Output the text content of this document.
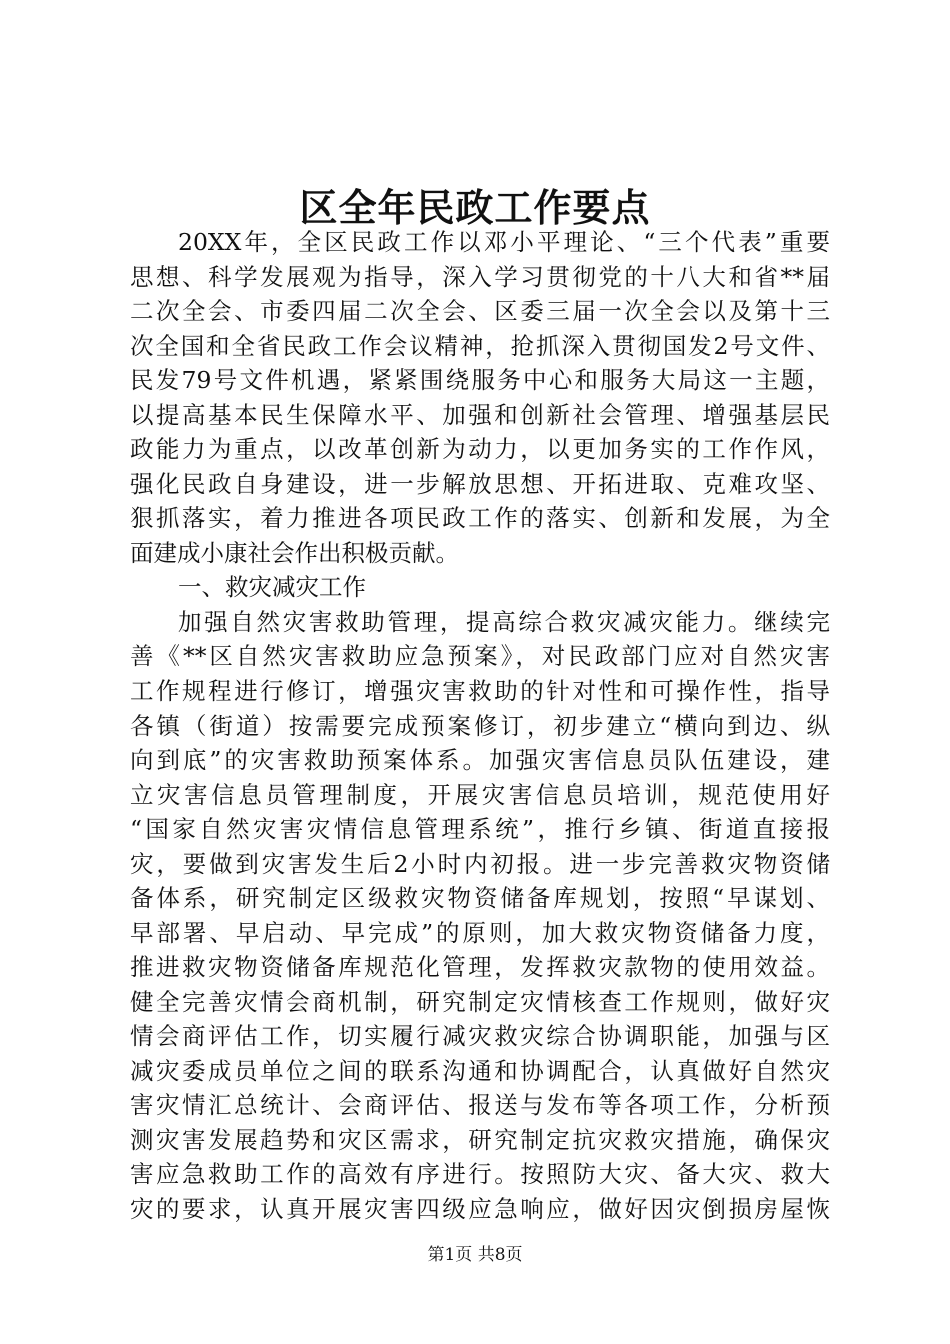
区全年民政工作要点
20XX年，全区民政工作以邓小平理论、“三个代表”重要
思想、科学发展观为指导，深入学习贯彻党的十八大和省**届
二次全会、市委四届二次全会、区委三届一次全会以及第十三
次全国和全省民政工作会议精神，抢抓深入贯彻国发2号文件、
民发79号文件机遇，紧紧围绕服务中心和服务大局这一主题，
以提高基本民生保障水平、加强和创新社会管理、增强基层民
政能力为重点，以改革创新为动力，以更加务实的工作作风，
强化民政自身建设，进一步解放思想、开拓进取、克难攻坚、
狠抓落实，着力推进各项民政工作的落实、创新和发展，为全
面建成小康社会作出积极贡献。
一、救灾减灾工作
加强自然灾害救助管理，提高综合救灾减灾能力。继续完
善《**区自然灾害救助应急预案》，对民政部门应对自然灾害
工作规程进行修订，增强灾害救助的针对性和可操作性，指导
各镇（街道）按需要完成预案修订，初步建立“横向到边、纵
向到底”的灾害救助预案体系。加强灾害信息员队伍建设，建
立灾害信息员管理制度，开展灾害信息员培训，规范使用好
“国家自然灾害灾情信息管理系统”，推行乡镇、街道直接报
灾，要做到灾害发生后2小时内初报。进一步完善救灾物资储
备体系，研究制定区级救灾物资储备库规划，按照“早谋划、
早部署、早启动、早完成”的原则，加大救灾物资储备力度，
推进救灾物资储备库规范化管理，发挥救灾款物的使用效益。
健全完善灾情会商机制，研究制定灾情核查工作规则，做好灾
情会商评估工作，切实履行减灾救灾综合协调职能，加强与区
减灾委成员单位之间的联系沟通和协调配合，认真做好自然灾
害灾情汇总统计、会商评估、报送与发布等各项工作，分析预
测灾害发展趋势和灾区需求，研究制定抗灾救灾措施，确保灾
害应急救助工作的高效有序进行。按照防大灾、备大灾、救大
灾的要求，认真开展灾害四级应急响应，做好因灾倒损房屋恢
第1页 共8页
